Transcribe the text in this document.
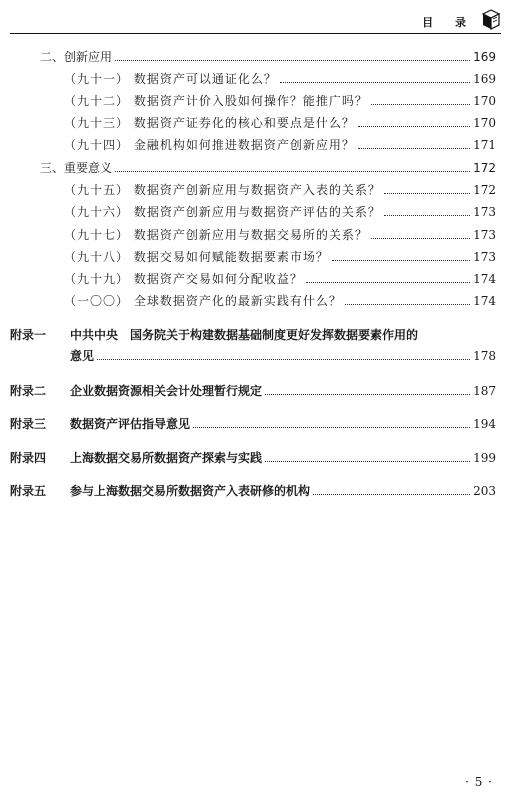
目 录
二、创新应用	169
（九十一） 数据资产可以通证化么？	169
（九十二） 数据资产计价入股如何操作？能推广吗？	170
（九十三） 数据资产证券化的核心和要点是什么？	170
（九十四） 金融机构如何推进数据资产创新应用？	171
三、重要意义	172
（九十五） 数据资产创新应用与数据资产入表的关系？	172
（九十六） 数据资产创新应用与数据资产评估的关系？	173
（九十七） 数据资产创新应用与数据交易所的关系？	173
（九十八） 数据交易如何赋能数据要素市场？	173
（九十九） 数据资产交易如何分配收益？	174
（一〇〇） 全球数据资产化的最新实践有什么？	174
附录一 中共中央　国务院关于构建数据基础制度更好发挥数据要素作用的
意见	178
附录二 企业数据资源相关会计处理暂行规定	187
附录三 数据资产评估指导意见	194
附录四 上海数据交易所数据资产探索与实践	199
附录五 参与上海数据交易所数据资产入表研修的机构	203
· 5 ·
